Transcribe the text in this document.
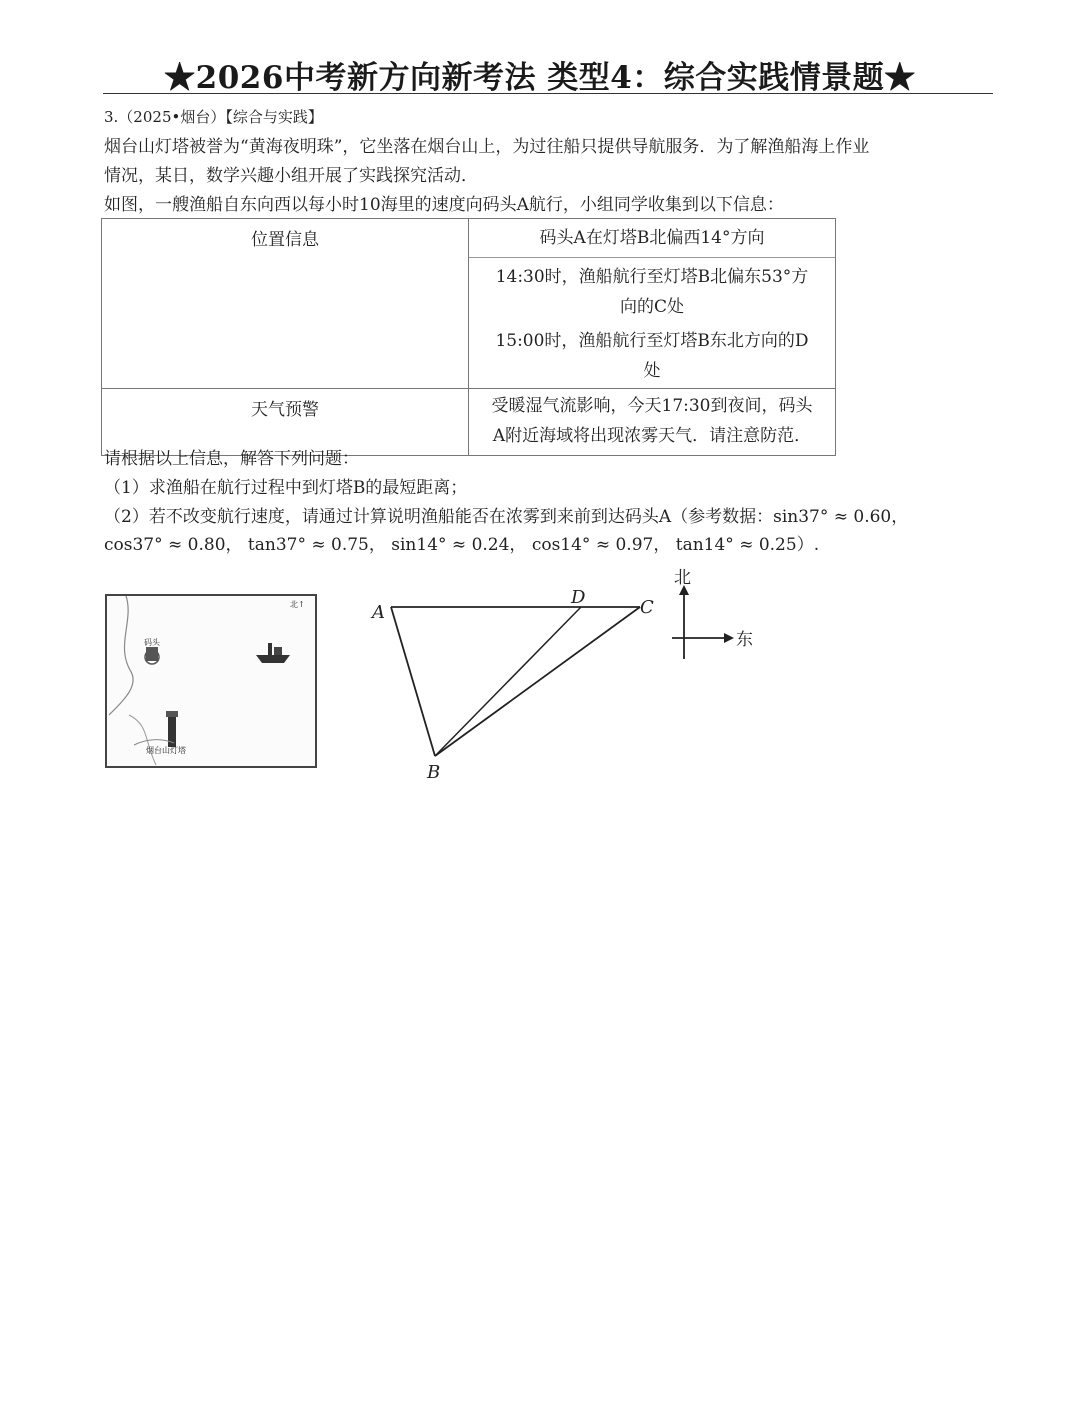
★2026中考新方向新考法 类型4：综合实践情景题★
3.（2025•烟台）【综合与实践】
烟台山灯塔被誉为“黄海夜明珠”，它坐落在烟台山上，为过往船只提供导航服务．为了解渔船海上作业
情况，某日，数学兴趣小组开展了实践探究活动．
如图，一艘渔船自东向西以每小时10海里的速度向码头A航行，小组同学收集到以下信息：
位置信息	码头A在灯塔B北偏西14°方向
14:30时，渔船航行至灯塔B北偏东53°方
向的C处
15:00时，渔船航行至灯塔B东北方向的D
处

天气预警	受暖湿气流影响，今天17:30到夜间，码头
A附近海域将出现浓雾天气．请注意防范．
请根据以上信息，解答下列问题：
（1）求渔船在航行过程中到灯塔B的最短距离；
（2）若不改变航行速度，请通过计算说明渔船能否在浓雾到来前到达码头A（参考数据：sin37° ≈ 0.60，
cos37° ≈ 0.80， tan37° ≈ 0.75， sin14° ≈ 0.24， cos14° ≈ 0.97， tan14° ≈ 0.25）.
码头
北↑
烟台山灯塔
A
D	C
B
北
东
